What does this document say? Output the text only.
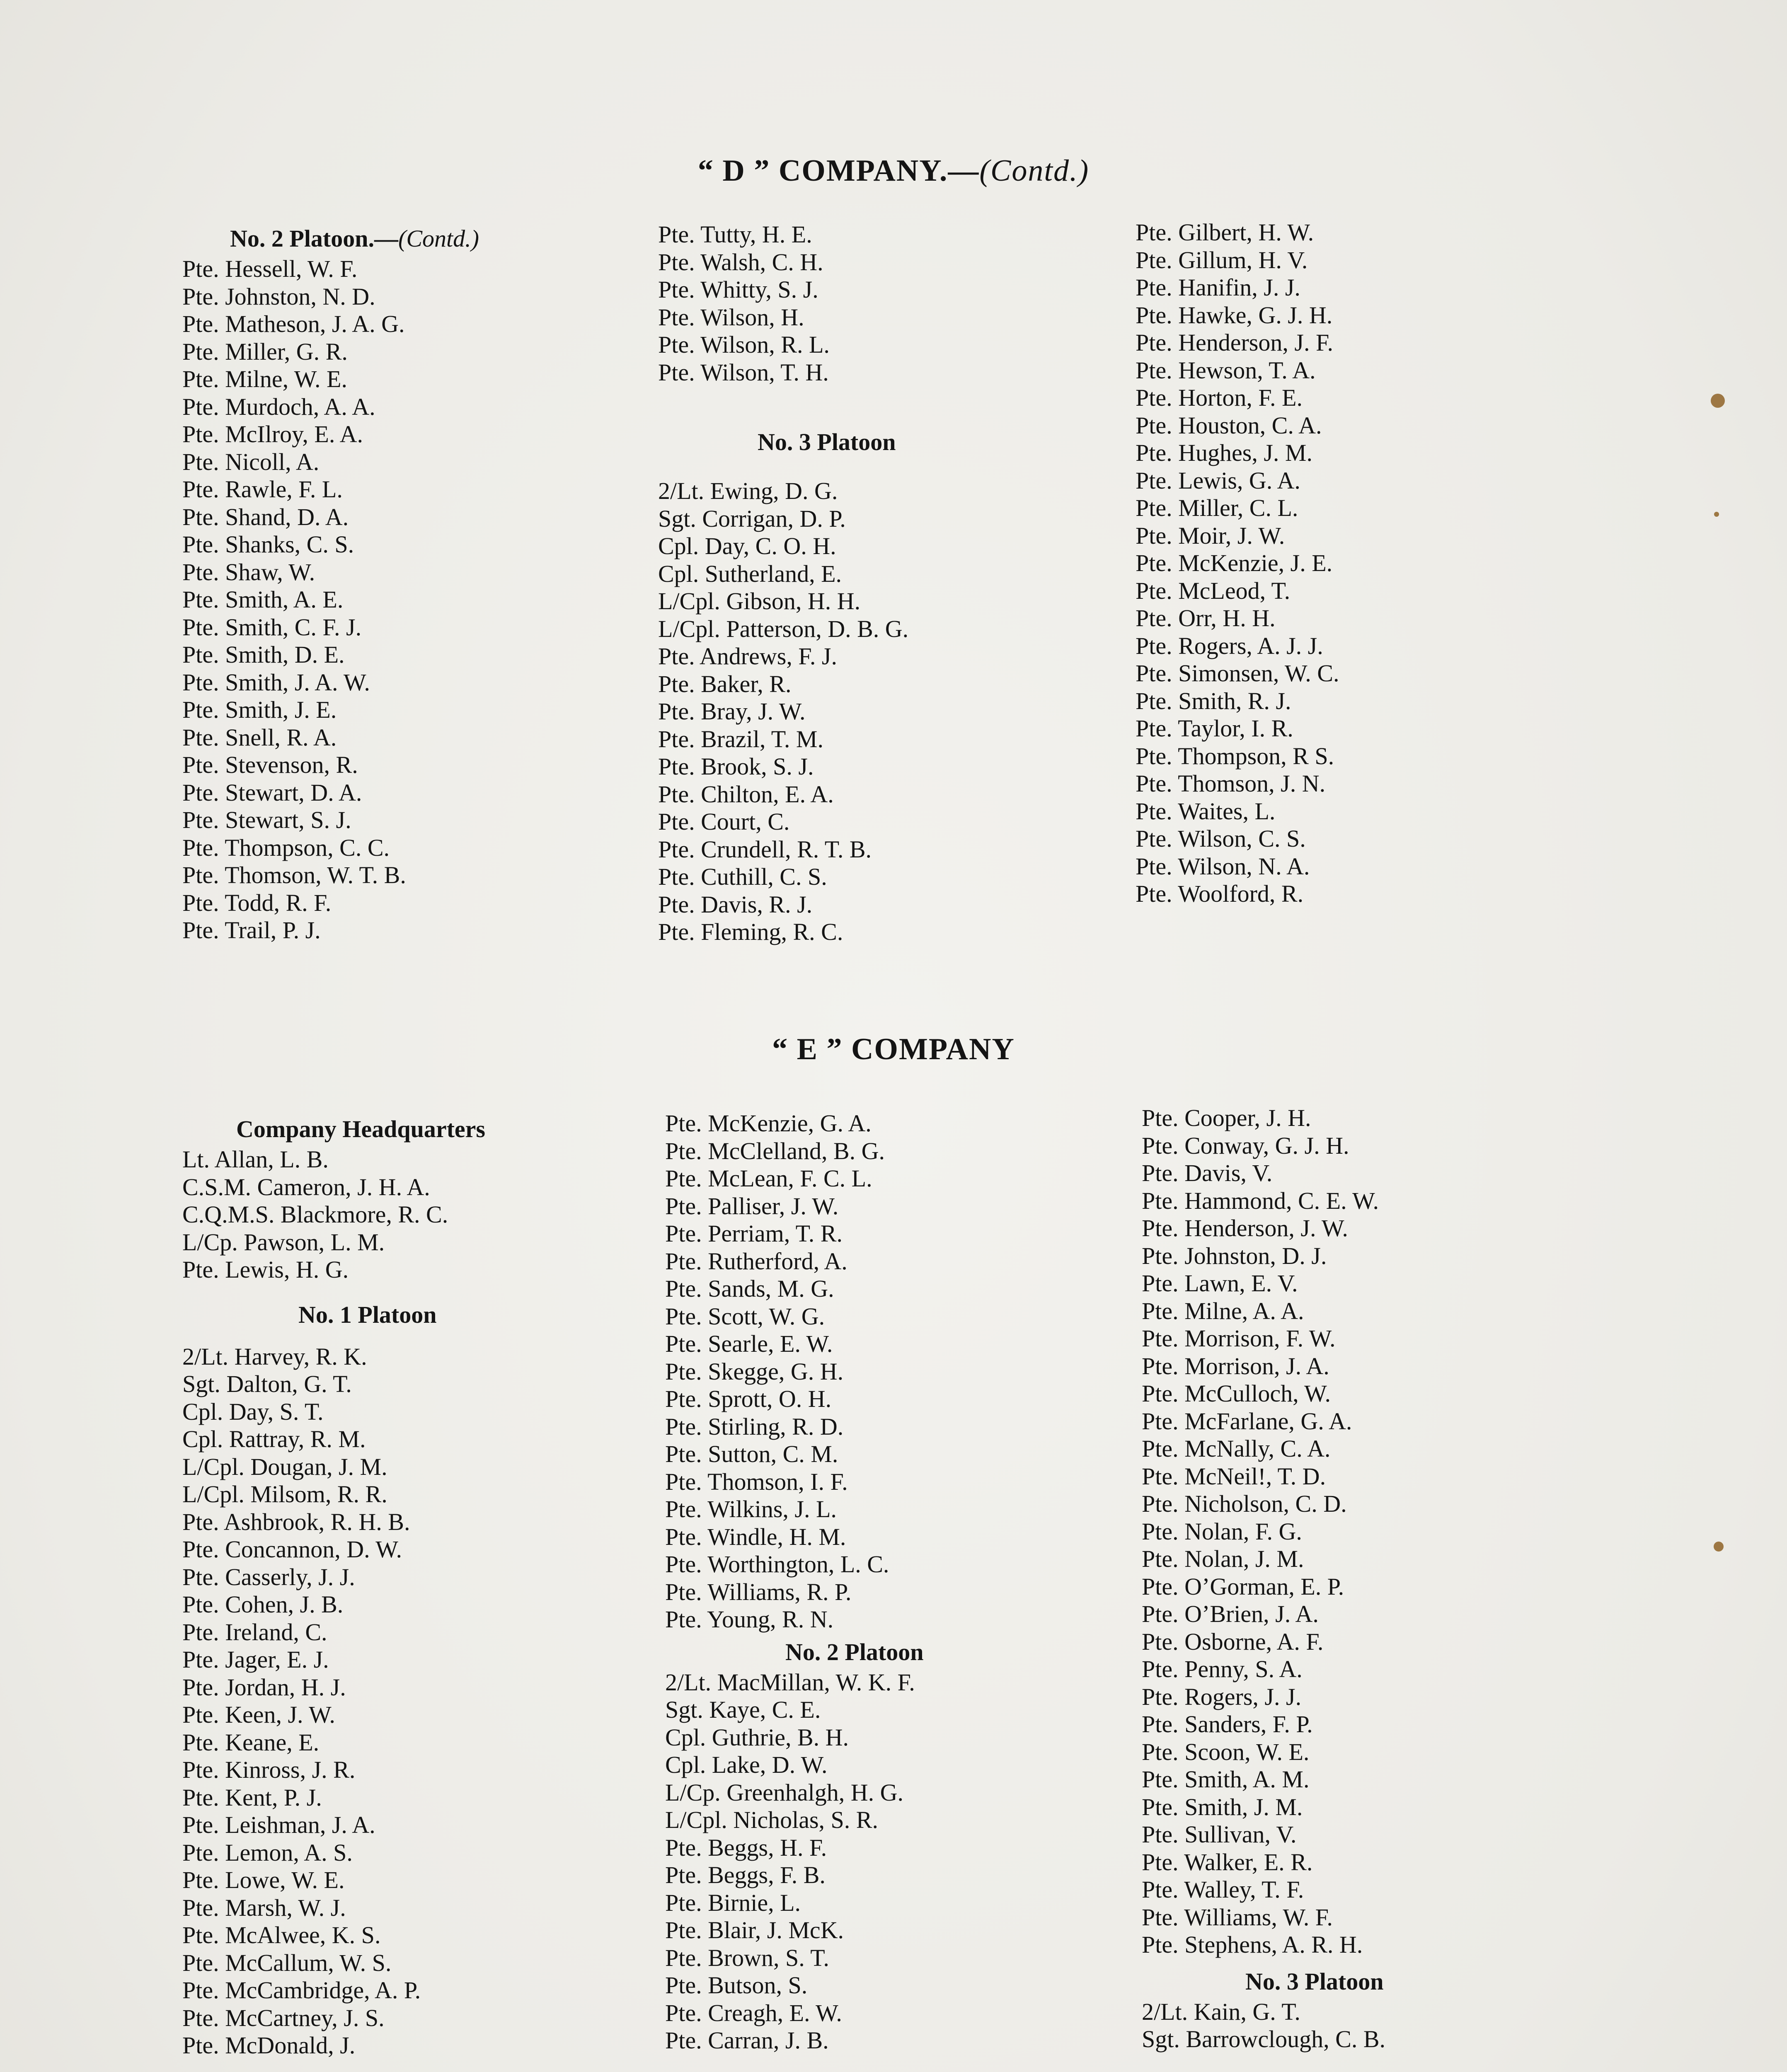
“ D ” COMPANY.—(Contd.)

No. 2 Platoon.—(Contd.)

Pte. Hessell, W. F.
Pte. Johnston, N. D.
Pte. Matheson, J. A. G.
Pte. Miller, G. R.
Pte. Milne, W. E.
Pte. Murdoch, A. A.
Pte. McIlroy, E. A.
Pte. Nicoll, A.
Pte. Rawle, F. L.
Pte. Shand, D. A.
Pte. Shanks, C. S.
Pte. Shaw, W.
Pte. Smith, A. E.
Pte. Smith, C. F. J.
Pte. Smith, D. E.
Pte. Smith, J. A. W.
Pte. Smith, J. E.
Pte. Snell, R. A.
Pte. Stevenson, R.
Pte. Stewart, D. A.
Pte. Stewart, S. J.
Pte. Thompson, C. C.
Pte. Thomson, W. T. B.
Pte. Todd, R. F.
Pte. Trail, P. J.
Pte. Tutty, H. E.
Pte. Walsh, C. H.
Pte. Whitty, S. J.
Pte. Wilson, H.
Pte. Wilson, R. L.
Pte. Wilson, T. H.

No. 3 Platoon

2/Lt. Ewing, D. G.
Sgt. Corrigan, D. P.
Cpl. Day, C. O. H.
Cpl. Sutherland, E.
L/Cpl. Gibson, H. H.
L/Cpl. Patterson, D. B. G.
Pte. Andrews, F. J.
Pte. Baker, R.
Pte. Bray, J. W.
Pte. Brazil, T. M.
Pte. Brook, S. J.
Pte. Chilton, E. A.
Pte. Court, C.
Pte. Crundell, R. T. B.
Pte. Cuthill, C. S.
Pte. Davis, R. J.
Pte. Fleming, R. C.
Pte. Gilbert, H. W.
Pte. Gillum, H. V.
Pte. Hanifin, J. J.
Pte. Hawke, G. J. H.
Pte. Henderson, J. F.
Pte. Hewson, T. A.
Pte. Horton, F. E.
Pte. Houston, C. A.
Pte. Hughes, J. M.
Pte. Lewis, G. A.
Pte. Miller, C. L.
Pte. Moir, J. W.
Pte. McKenzie, J. E.
Pte. McLeod, T.
Pte. Orr, H. H.
Pte. Rogers, A. J. J.
Pte. Simonsen, W. C.
Pte. Smith, R. J.
Pte. Taylor, I. R.
Pte. Thompson, R S.
Pte. Thomson, J. N.
Pte. Waites, L.
Pte. Wilson, C. S.
Pte. Wilson, N. A.
Pte. Woolford, R.
“ E ” COMPANY

Company Headquarters

Lt. Allan, L. B.
C.S.M. Cameron, J. H. A.
C.Q.M.S. Blackmore, R. C.
L/Cp. Pawson, L. M.
Pte. Lewis, H. G.

No. 1 Platoon

2/Lt. Harvey, R. K.
Sgt. Dalton, G. T.
Cpl. Day, S. T.
Cpl. Rattray, R. M.
L/Cpl. Dougan, J. M.
L/Cpl. Milsom, R. R.
Pte. Ashbrook, R. H. B.
Pte. Concannon, D. W.
Pte. Casserly, J. J.
Pte. Cohen, J. B.
Pte. Ireland, C.
Pte. Jager, E. J.
Pte. Jordan, H. J.
Pte. Keen, J. W.
Pte. Keane, E.
Pte. Kinross, J. R.
Pte. Kent, P. J.
Pte. Leishman, J. A.
Pte. Lemon, A. S.
Pte. Lowe, W. E.
Pte. Marsh, W. J.
Pte. McAlwee, K. S.
Pte. McCallum, W. S.
Pte. McCambridge, A. P.
Pte. McCartney, J. S.
Pte. McDonald, J.
Pte. McKenzie, G. A.
Pte. McClelland, B. G.
Pte. McLean, F. C. L.
Pte. Palliser, J. W.
Pte. Perriam, T. R.
Pte. Rutherford, A.
Pte. Sands, M. G.
Pte. Scott, W. G.
Pte. Searle, E. W.
Pte. Skegge, G. H.
Pte. Sprott, O. H.
Pte. Stirling, R. D.
Pte. Sutton, C. M.
Pte. Thomson, I. F.
Pte. Wilkins, J. L.
Pte. Windle, H. M.
Pte. Worthington, L. C.
Pte. Williams, R. P.
Pte. Young, R. N.

No. 2 Platoon

2/Lt. MacMillan, W. K. F.
Sgt. Kaye, C. E.
Cpl. Guthrie, B. H.
Cpl. Lake, D. W.
L/Cp. Greenhalgh, H. G.
L/Cpl. Nicholas, S. R.
Pte. Beggs, H. F.
Pte. Beggs, F. B.
Pte. Birnie, L.
Pte. Blair, J. McK.
Pte. Brown, S. T.
Pte. Butson, S.
Pte. Creagh, E. W.
Pte. Carran, J. B.
Pte. Cooper, J. H.
Pte. Conway, G. J. H.
Pte. Davis, V.
Pte. Hammond, C. E. W.
Pte. Henderson, J. W.
Pte. Johnston, D. J.
Pte. Lawn, E. V.
Pte. Milne, A. A.
Pte. Morrison, F. W.
Pte. Morrison, J. A.
Pte. McCulloch, W.
Pte. McFarlane, G. A.
Pte. McNally, C. A.
Pte. McNeil!, T. D.
Pte. Nicholson, C. D.
Pte. Nolan, F. G.
Pte. Nolan, J. M.
Pte. O’Gorman, E. P.
Pte. O’Brien, J. A.
Pte. Osborne, A. F.
Pte. Penny, S. A.
Pte. Rogers, J. J.
Pte. Sanders, F. P.
Pte. Scoon, W. E.
Pte. Smith, A. M.
Pte. Smith, J. M.
Pte. Sullivan, V.
Pte. Walker, E. R.
Pte. Walley, T. F.
Pte. Williams, W. F.
Pte. Stephens, A. R. H.

No. 3 Platoon

2/Lt. Kain, G. T.
Sgt. Barrowclough, C. B.
